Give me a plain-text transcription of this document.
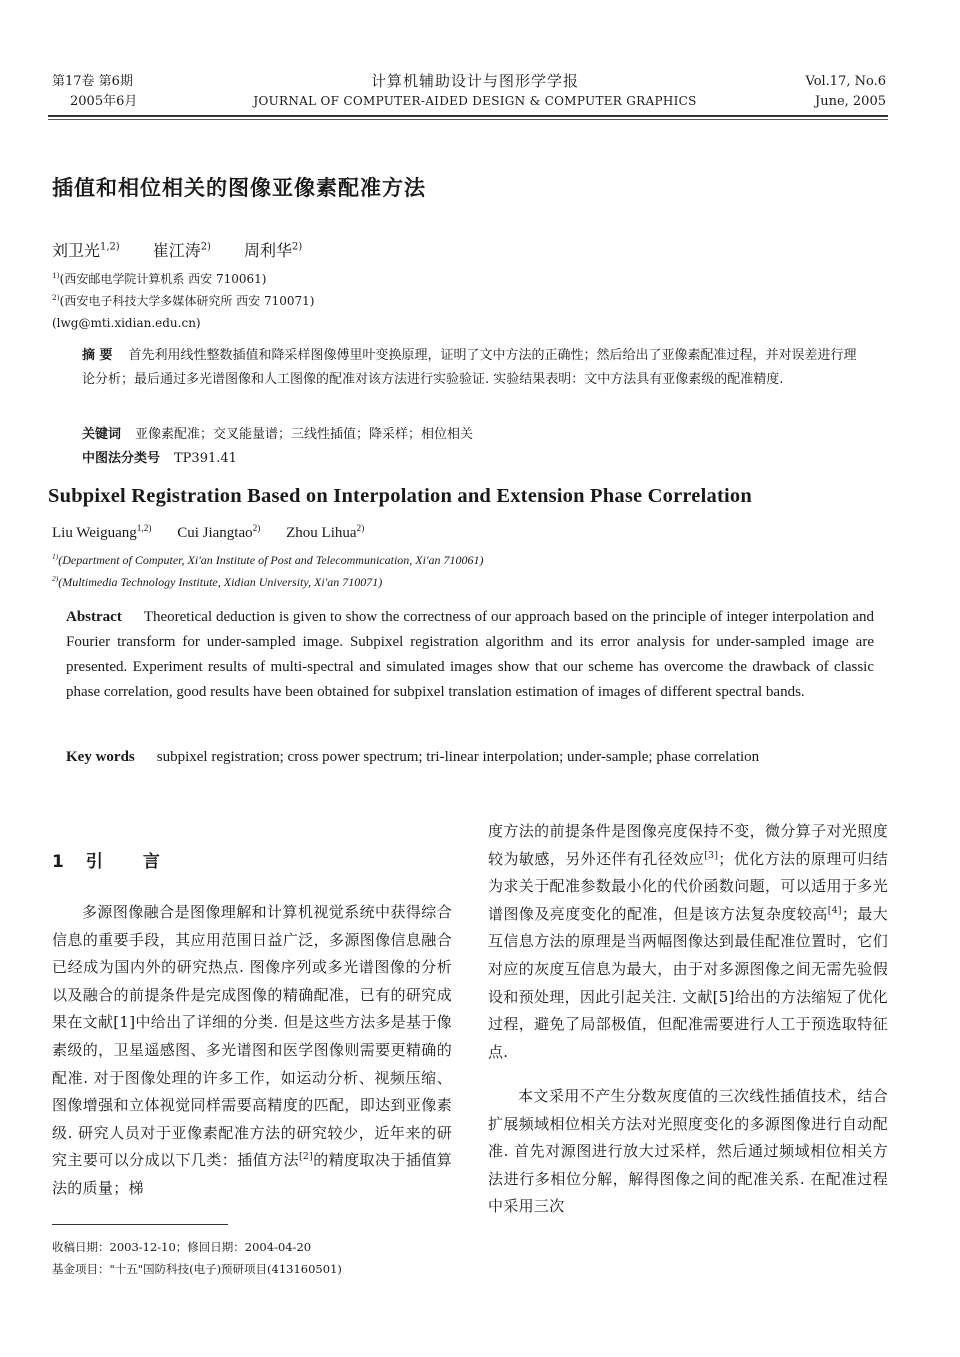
第17卷 第6期
2005年6月
计算机辅助设计与图形学学报
JOURNAL OF COMPUTER-AIDED DESIGN & COMPUTER GRAPHICS
Vol.17, No.6
June, 2005
插值和相位相关的图像亚像素配准方法
刘卫光$^{1,2)}$ 崔江涛$^{2)}$ 周利华$^{2)}$
$^{1)}$(西安邮电学院计算机系 西安 710061)
$^{2)}$(西安电子科技大学多媒体研究所 西安 710071)
(lwg@mti.xidian.edu.cn)
摘 要 首先利用线性整数插值和降采样图像傅里叶变换原理，证明了文中方法的正确性；然后给出了亚像素配准过程，并对误差进行理论分析；最后通过多光谱图像和人工图像的配准对该方法进行实验验证. 实验结果表明：文中方法具有亚像素级的配准精度.
关键词 亚像素配准；交叉能量谱；三线性插值；降采样；相位相关
中图法分类号 TP391.41
Subpixel Registration Based on Interpolation and Extension Phase Correlation
Liu Weiguang$^{1,2)}$ Cui Jiangtao$^{2)}$ Zhou Lihua$^{2)}$
$^{1)}$(Department of Computer, Xi'an Institute of Post and Telecommunication, Xi'an 710061)
$^{2)}$(Multimedia Technology Institute, Xidian University, Xi'an 710071)
Abstract Theoretical deduction is given to show the correctness of our approach based on the principle of integer interpolation and Fourier transform for under-sampled image. Subpixel registration algorithm and its error analysis for under-sampled image are presented. Experiment results of multi-spectral and simulated images show that our scheme has overcome the drawback of classic phase correlation, good results have been obtained for subpixel translation estimation of images of different spectral bands.
Key words subpixel registration; cross power spectrum; tri-linear interpolation; under-sample; phase correlation
1 引 言
多源图像融合是图像理解和计算机视觉系统中获得综合信息的重要手段，其应用范围日益广泛，多源图像信息融合已经成为国内外的研究热点. 图像序列或多光谱图像的分析以及融合的前提条件是完成图像的精确配准，已有的研究成果在文献[1]中给出了详细的分类. 但是这些方法多是基于像素级的，卫星遥感图、多光谱图和医学图像则需要更精确的配准. 对于图像处理的许多工作，如运动分析、视频压缩、图像增强和立体视觉同样需要高精度的匹配，即达到亚像素级. 研究人员对于亚像素配准方法的研究较少，近年来的研究主要可以分成以下几类：插值方法[2]的精度取决于插值算法的质量；梯
度方法的前提条件是图像亮度保持不变，微分算子对光照度较为敏感，另外还伴有孔径效应[3]；优化方法的原理可归结为求关于配准参数最小化的代价函数问题，可以适用于多光谱图像及亮度变化的配准，但是该方法复杂度较高[4]；最大互信息方法的原理是当两幅图像达到最佳配准位置时，它们对应的灰度互信息为最大，由于对多源图像之间无需先验假设和预处理，因此引起关注. 文献[5]给出的方法缩短了优化过程，避免了局部极值，但配准需要进行人工于预选取特征点.
本文采用不产生分数灰度值的三次线性插值技术，结合扩展频域相位相关方法对光照度变化的多源图像进行自动配准. 首先对源图进行放大过采样，然后通过频域相位相关方法进行多相位分解，解得图像之间的配准关系. 在配准过程中采用三次
收稿日期：2003-12-10；修回日期：2004-04-20
基金项目："十五"国防科技(电子)预研项目(413160501)
